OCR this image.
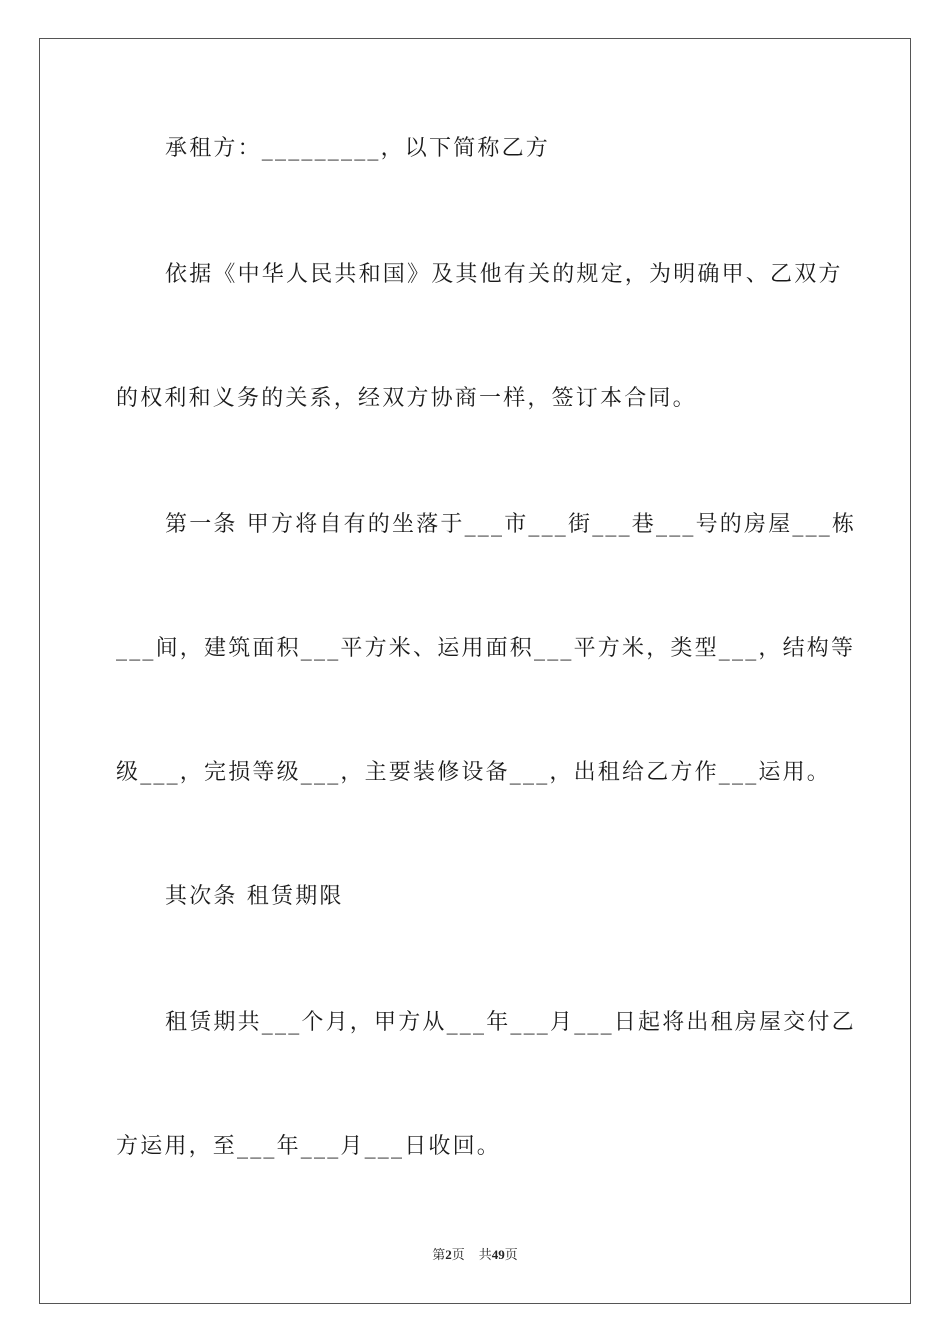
承租方：_________，以下简称乙方
依据《中华人民共和国》及其他有关的规定，为明确甲、乙双方
的权利和义务的关系，经双方协商一样，签订本合同。
第一条 甲方将自有的坐落于___市___街___巷___号的房屋___栋
___间，建筑面积___平方米、运用面积___平方米，类型___，结构等
级___，完损等级___，主要装修设备___，出租给乙方作___运用。
其次条 租赁期限
租赁期共___个月，甲方从___年___月___日起将出租房屋交付乙
方运用，至___年___月___日收回。
第2页 共49页
